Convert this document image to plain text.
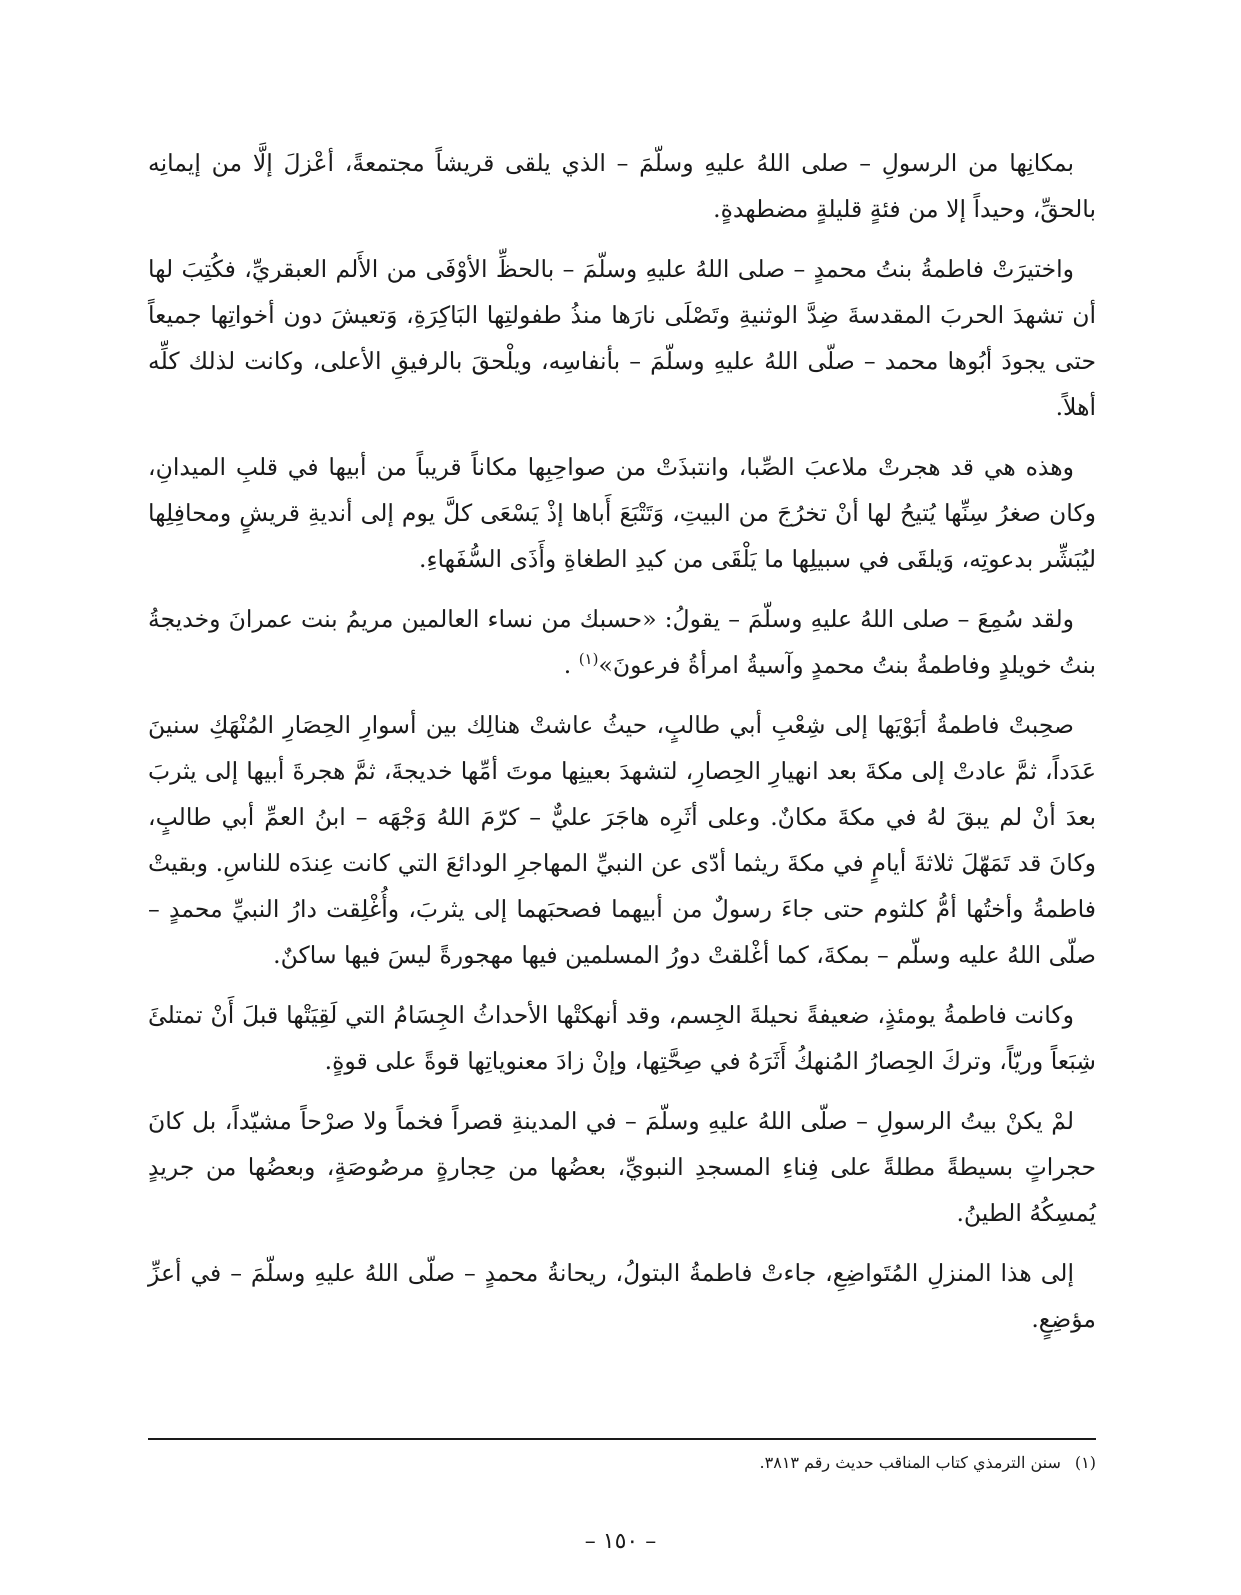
بمكانِها من الرسولِ – صلى اللهُ عليهِ وسلّمَ – الذي يلقى قريشاً مجتمعةً، أعْزلَ إلَّا من إيمانِه بالحقِّ، وحيداً إلا من فئةٍ قليلةٍ مضطهدةٍ.

واختيرَتْ فاطمةُ بنتُ محمدٍ – صلى اللهُ عليهِ وسلّمَ – بالحظِّ الأوْفَى من الأَلم العبقريِّ، فكُتِبَ لها أن تشهدَ الحربَ المقدسةَ ضِدَّ الوثنيةِ وتَصْلَى نارَها منذُ طفولتِها البَاكِرَةِ، وَتعيشَ دون أخواتِها جميعاً حتى يجودَ أبُوها محمد – صلّى اللهُ عليهِ وسلّمَ – بأنفاسِه، ويلْحقَ بالرفيقِ الأعلى، وكانت لذلك كلِّه أهلاً.

وهذه هي قد هجرتْ ملاعبَ الصِّبا، وانتبذَتْ من صواحِبِها مكاناً قريباً من أبيها في قلبِ الميدانِ، وكان صغرُ سِنِّها يُتيحُ لها أنْ تخرُجَ من البيتِ، وَتَتْبَعَ أَباها إذْ يَسْعَى كلَّ يوم إلى أنديةِ قريشٍ ومحافِلِها ليُبَشِّر بدعوتِه، وَيلقَى في سبيلِها ما يَلْقَى من كيدِ الطغاةِ وأَذَى السُّفَهاءِ.

ولقد سُمِعَ – صلى اللهُ عليهِ وسلّمَ – يقولُ: «حسبك من نساء العالمين مريمُ بنت عمرانَ وخديجةُ بنتُ خويلدٍ وفاطمةُ بنتُ محمدٍ وآسيةُ امرأةُ فرعونَ»$^{(١)}$ .

صحِبتْ فاطمةُ أبَوْيَها إلى شِعْبِ أبي طالبٍ، حيثُ عاشتْ هنالِك بين أسوارِ الحِصَارِ المُنْهَكِ سنينَ عَدَداً، ثمَّ عادتْ إلى مكةَ بعد انهيارِ الحِصارِ، لتشهدَ بعينِها موتَ أمِّها خديجةَ، ثمَّ هجرةَ أبيها إلى يثربَ بعدَ أنْ لم يبقَ لهُ في مكةَ مكانٌ. وعلى أثَرِه هاجَرَ عليٌّ – كرّمَ اللهُ وَجْهَه – ابنُ العمِّ أبي طالبٍ، وكانَ قد تَمَهّلَ ثلاثةَ أيامٍ في مكةَ ريثما أدّى عن النبيِّ المهاجرِ الودائعَ التي كانت عِندَه للناسِ. وبقيتْ فاطمةُ وأختُها أمُّ كلثوم حتى جاءَ رسولٌ من أبيهما فصحبَهما إلى يثربَ، وأُغْلِقت دارُ النبيِّ محمدٍ – صلّى اللهُ عليه وسلّم – بمكةَ، كما أغْلقتْ دورُ المسلمين فيها مهجورةً ليسَ فيها ساكنٌ.

وكانت فاطمةُ يومئذٍ، ضعيفةً نحيلةَ الجِسم، وقد أنهكتْها الأحداثُ الجِسَامُ التي لَقِيَتْها قبلَ أَنْ تمتلئَ شِبَعاً وريّاً، وتركَ الحِصارُ المُنهكُ أَثَرَهُ في صِحَّتِها، وإنْ زادَ معنوياتِها قوةً على قوةٍ.

لمْ يكنْ بيتُ الرسولِ – صلّى اللهُ عليهِ وسلّمَ – في المدينةِ قصراً فخماً ولا صرْحاً مشيّداً، بل كانَ حجراتٍ بسيطةً مطلةً على فِناءِ المسجدِ النبويِّ، بعضُها من حِجارةٍ مرصُوصَةٍ، وبعضُها من جريدٍ يُمسِكُهُ الطينُ.

إلى هذا المنزلِ المُتَواضِعِ، جاءتْ فاطمةُ البتولُ، ريحانةُ محمدٍ – صلّى اللهُ عليهِ وسلّمَ – في أعزِّ مؤضِعٍ.

(١)سنن الترمذي كتاب المناقب حديث رقم ٣٨١٣.
– ١٥٠ –
